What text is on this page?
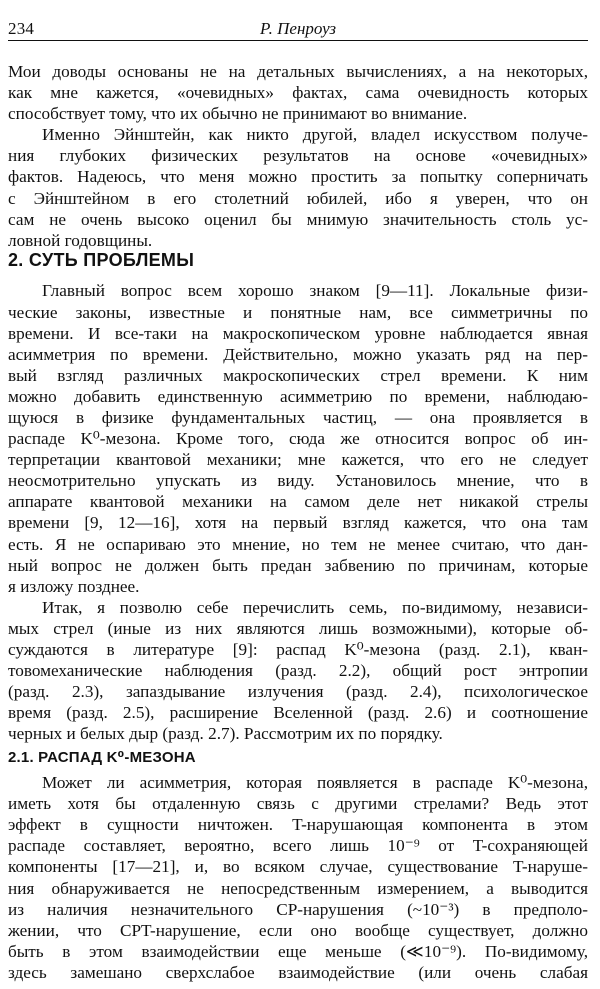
234	Р. Пенроуз
Мои доводы основаны не на детальных вычислениях, а на некоторых,
как мне кажется, «очевидных» фактах, сама очевидность которых
способствует тому, что их обычно не принимают во внимание.
Именно Эйнштейн, как никто другой, владел искусством получе-
ния глубоких физических результатов на основе «очевидных»
фактов. Надеюсь, что меня можно простить за попытку соперничать
с Эйнштейном в его столетний юбилей, ибо я уверен, что он
сам не очень высоко оценил бы мнимую значительность столь ус-
ловной годовщины.
2. СУТЬ ПРОБЛЕМЫ
Главный вопрос всем хорошо знаком [9—11]. Локальные физи-
ческие законы, известные и понятные нам, все симметричны по
времени. И все-таки на макроскопическом уровне наблюдается явная
асимметрия по времени. Действительно, можно указать ряд на пер-
вый взгляд различных макроскопических стрел времени. К ним
можно добавить единственную асимметрию по времени, наблюдаю-
щуюся в физике фундаментальных частиц, — она проявляется в
распаде K⁰-мезона. Кроме того, сюда же относится вопрос об ин-
терпретации квантовой механики; мне кажется, что его не следует
неосмотрительно упускать из виду. Установилось мнение, что в
аппарате квантовой механики на самом деле нет никакой стрелы
времени [9, 12—16], хотя на первый взгляд кажется, что она там
есть. Я не оспариваю это мнение, но тем не менее считаю, что дан-
ный вопрос не должен быть предан забвению по причинам, которые
я изложу позднее.
Итак, я позволю себе перечислить семь, по-видимому, независи-
мых стрел (иные из них являются лишь возможными), которые об-
суждаются в литературе [9]: распад K⁰-мезона (разд. 2.1), кван-
товомеханические наблюдения (разд. 2.2), общий рост энтропии
(разд. 2.3), запаздывание излучения (разд. 2.4), психологическое
время (разд. 2.5), расширение Вселенной (разд. 2.6) и соотношение
черных и белых дыр (разд. 2.7). Рассмотрим их по порядку.
2.1. РАСПАД K⁰-МЕЗОНА
Может ли асимметрия, которая появляется в распаде K⁰-мезона,
иметь хотя бы отдаленную связь с другими стрелами? Ведь этот
эффект в сущности ничтожен. T-нарушающая компонента в этом
распаде составляет, вероятно, всего лишь 10⁻⁹ от T-сохраняющей
компоненты [17—21], и, во всяком случае, существование T-наруше-
ния обнаруживается не непосредственным измерением, а выводится
из наличия незначительного CP-нарушения (~10⁻³) в предполо-
жении, что CPT-нарушение, если оно вообще существует, должно
быть в этом взаимодействии еще меньше (≪10⁻⁹). По-видимому,
здесь замешано сверхслабое взаимодействие (или очень слабая
